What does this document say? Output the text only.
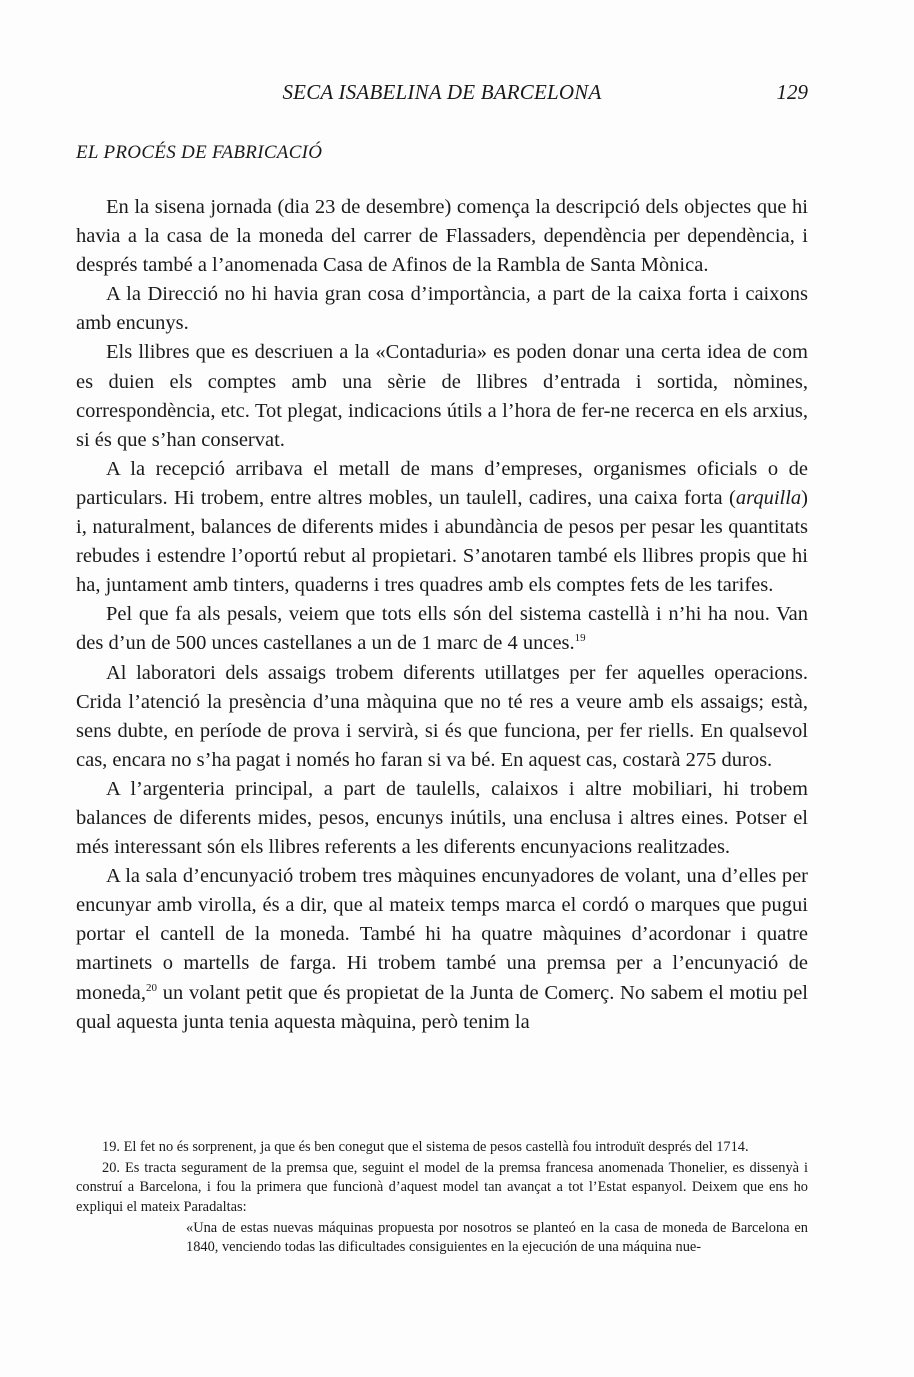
SECA ISABELINA DE BARCELONA	129
EL PROCÉS DE FABRICACIÓ

En la sisena jornada (dia 23 de desembre) comença la descripció dels objectes que hi havia a la casa de la moneda del carrer de Flassaders, dependència per dependència, i després també a l’anomenada Casa de Afinos de la Rambla de Santa Mònica.

A la Direcció no hi havia gran cosa d’importància, a part de la caixa forta i caixons amb encunys.

Els llibres que es descriuen a la «Contaduria» es poden donar una certa idea de com es duien els comptes amb una sèrie de llibres d’entrada i sortida, nòmines, correspondència, etc. Tot plegat, indicacions útils a l’hora de fer-ne recerca en els arxius, si és que s’han conservat.

A la recepció arribava el metall de mans d’empreses, organismes oficials o de particulars. Hi trobem, entre altres mobles, un taulell, cadires, una caixa forta (arquilla) i, naturalment, balances de diferents mides i abundància de pesos per pesar les quantitats rebudes i estendre l’oportú rebut al propietari. S’anotaren també els llibres propis que hi ha, juntament amb tinters, quaderns i tres quadres amb els comptes fets de les tarifes.

Pel que fa als pesals, veiem que tots ells són del sistema castellà i n’hi ha nou. Van des d’un de 500 unces castellanes a un de 1 marc de 4 unces.$^{19}$

Al laboratori dels assaigs trobem diferents utillatges per fer aquelles operacions. Crida l’atenció la presència d’una màquina que no té res a veure amb els assaigs; està, sens dubte, en període de prova i servirà, si és que funciona, per fer riells. En qualsevol cas, encara no s’ha pagat i només ho faran si va bé. En aquest cas, costarà 275 duros.

A l’argenteria principal, a part de taulells, calaixos i altre mobiliari, hi trobem balances de diferents mides, pesos, encunys inútils, una enclusa i altres eines. Potser el més interessant són els llibres referents a les diferents encunyacions realitzades.

A la sala d’encunyació trobem tres màquines encunyadores de volant, una d’elles per encunyar amb virolla, és a dir, que al mateix temps marca el cordó o marques que pugui portar el cantell de la moneda. També hi ha quatre màquines d’acordonar i quatre martinets o martells de farga. Hi trobem també una premsa per a l’encunyació de moneda,$^{20}$ un volant petit que és propietat de la Junta de Comerç. No sabem el motiu pel qual aquesta junta tenia aquesta màquina, però tenim la

19. El fet no és sorprenent, ja que és ben conegut que el sistema de pesos castellà fou introduït després del 1714.

20. Es tracta segurament de la premsa que, seguint el model de la premsa francesa anomenada Thonelier, es dissenyà i construí a Barcelona, i fou la primera que funcionà d’aquest model tan avançat a tot l’Estat espanyol. Deixem que ens ho expliqui el mateix Paradaltas:

«Una de estas nuevas máquinas propuesta por nosotros se planteó en la casa de moneda de Barcelona en 1840, venciendo todas las dificultades consiguientes en la ejecución de una máquina nue-
